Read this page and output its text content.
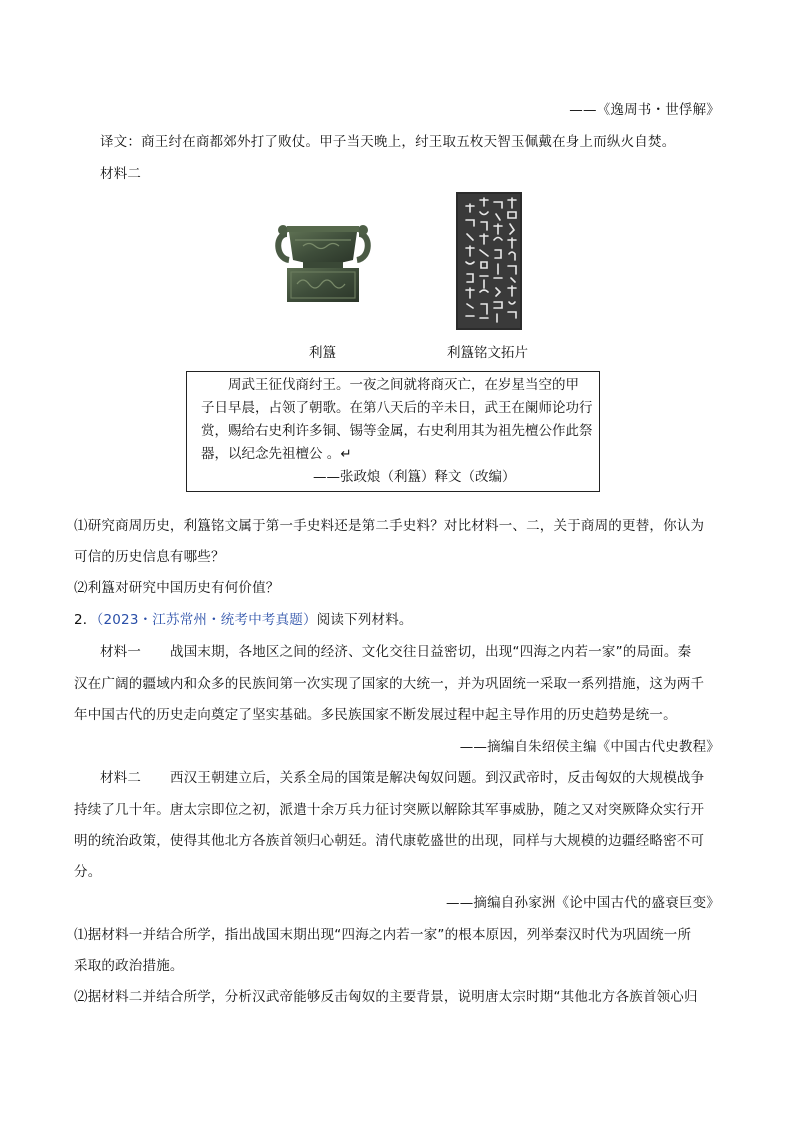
——《逸周书・世俘解》
译文：商王纣在商都郊外打了败仗。甲子当天晚上，纣王取五枚天智玉佩戴在身上而纵火自焚。
材料二
利簋	利簋铭文拓片
周武王征伐商纣王。一夜之间就将商灭亡，在岁星当空的甲
子日早晨，占领了朝歌。在第八天后的辛未日，武王在阑师论功行
赏，赐给右史利许多铜、锡等金属，右史利用其为祖先檀公作此祭
器，以纪念先祖檀公 。↵
——张政烺（利簋）释文（改编）
⑴研究商周历史，利簋铭文属于第一手史料还是第二手史料？对比材料一、二，关于商周的更替，你认为
可信的历史信息有哪些？
⑵利簋对研究中国历史有何价值？
2．（2023・江苏常州・统考中考真题）阅读下列材料。
材料一 战国末期，各地区之间的经济、文化交往日益密切，出现“四海之内若一家”的局面。秦
汉在广阔的疆域内和众多的民族间第一次实现了国家的大统一，并为巩固统一采取一系列措施，这为两千
年中国古代的历史走向奠定了坚实基础。多民族国家不断发展过程中起主导作用的历史趋势是统一。
——摘编自朱绍侯主编《中国古代史教程》
材料二 西汉王朝建立后，关系全局的国策是解决匈奴问题。到汉武帝时，反击匈奴的大规模战争
持续了几十年。唐太宗即位之初，派遣十余万兵力征讨突厥以解除其军事威胁，随之又对突厥降众实行开
明的统治政策，使得其他北方各族首领归心朝廷。清代康乾盛世的出现，同样与大规模的边疆经略密不可
分。
——摘编自孙家洲《论中国古代的盛衰巨变》
⑴据材料一并结合所学，指出战国末期出现“四海之内若一家”的根本原因，列举秦汉时代为巩固统一所
采取的政治措施。
⑵据材料二并结合所学，分析汉武帝能够反击匈奴的主要背景，说明唐太宗时期“其他北方各族首领心归
